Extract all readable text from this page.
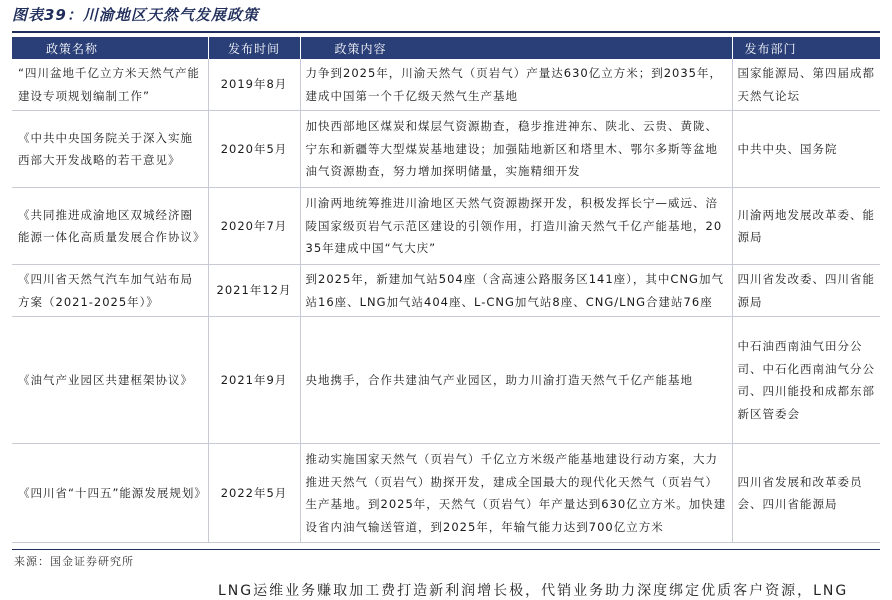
图表39：川渝地区天然气发展政策
政策名称	发布时间	政策内容	发布部门
“四川盆地千亿立方米天然气产能建设专项规划编制工作”	2019年8月	力争到2025年，川渝天然气（页岩气）产量达630亿立方米；到2035年，建成中国第一个千亿级天然气生产基地	国家能源局、第四届成都天然气论坛
《中共中央国务院关于深入实施西部大开发战略的若干意见》	2020年5月	加快西部地区煤炭和煤层气资源勘查，稳步推进神东、陕北、云贵、黄陇、宁东和新疆等大型煤炭基地建设；加强陆地新区和塔里木、鄂尔多斯等盆地油气资源勘查，努力增加探明储量，实施精细开发	中共中央、国务院
《共同推进成渝地区双城经济圈能源一体化高质量发展合作协议》	2020年7月	川渝两地统筹推进川渝地区天然气资源勘探开发，积极发挥长宁—威远、涪陵国家级页岩气示范区建设的引领作用，打造川渝天然气千亿产能基地，2035年建成中国“气大庆”	川渝两地发展改革委、能源局
《四川省天然气汽车加气站布局方案（2021-2025年）》	2021年12月	到2025年，新建加气站504座（含高速公路服务区141座），其中CNG加气站16座、LNG加气站404座、L-CNG加气站8座、CNG/LNG合建站76座	四川省发改委、四川省能源局
《油气产业园区共建框架协议》	2021年9月	央地携手，合作共建油气产业园区，助力川渝打造天然气千亿产能基地	中石油西南油气田分公司、中石化西南油气分公司、四川能投和成都东部新区管委会
《四川省“十四五”能源发展规划》	2022年5月	推动实施国家天然气（页岩气）千亿立方米级产能基地建设行动方案，大力推进天然气（页岩气）勘探开发，建成全国最大的现代化天然气（页岩气）生产基地。到2025年，天然气（页岩气）年产量达到630亿立方米。加快建设省内油气输送管道，到2025年，年输气能力达到700亿立方米	四川省发展和改革委员会、四川省能源局
来源：国金证券研究所
LNG运维业务赚取加工费打造新利润增长极，代销业务助力深度绑定优质客户资源，LNG
